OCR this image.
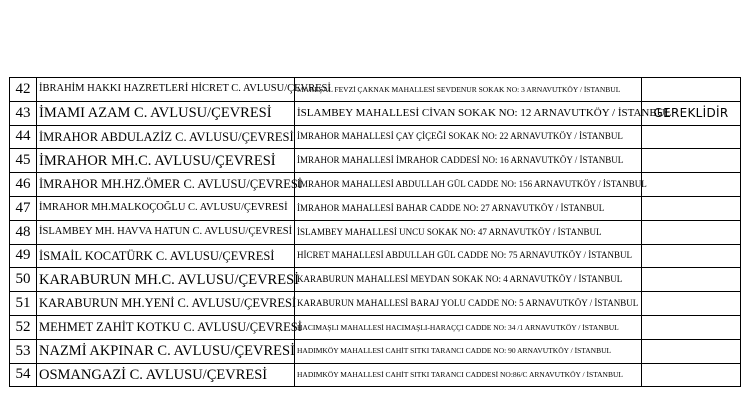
42	İBRAHİM HAKKI HAZRETLERİ HİCRET C. AVLUSU/ÇEVRESİ	MAREŞAL FEVZİ ÇAKNAK MAHALLESİ SEVDENUR SOKAK NO: 3 ARNAVUTKÖY / İSTANBUL	
43	İMAMI AZAM C. AVLUSU/ÇEVRESİ	İSLAMBEY MAHALLESİ CİVAN SOKAK NO: 12 ARNAVUTKÖY / İSTANBUL	GEREKLİDİR
44	İMRAHOR ABDULAZİZ C. AVLUSU/ÇEVRESİ	İMRAHOR MAHALLESİ ÇAY ÇİÇEĞİ SOKAK NO: 22 ARNAVUTKÖY / İSTANBUL	
45	İMRAHOR MH.C. AVLUSU/ÇEVRESİ	İMRAHOR MAHALLESİ İMRAHOR CADDESİ NO: 16 ARNAVUTKÖY / İSTANBUL	
46	İMRAHOR MH.HZ.ÖMER C. AVLUSU/ÇEVRESİ	İMRAHOR MAHALLESİ ABDULLAH GÜL CADDE NO: 156 ARNAVUTKÖY / İSTANBUL	
47	İMRAHOR MH.MALKOÇOĞLU C. AVLUSU/ÇEVRESİ	İMRAHOR MAHALLESİ BAHAR CADDE NO: 27 ARNAVUTKÖY / İSTANBUL	
48	İSLAMBEY MH. HAVVA HATUN C. AVLUSU/ÇEVRESİ	İSLAMBEY MAHALLESİ UNCU SOKAK NO: 47 ARNAVUTKÖY / İSTANBUL	
49	İSMAİL KOCATÜRK C. AVLUSU/ÇEVRESİ	HİCRET MAHALLESİ ABDULLAH GÜL CADDE NO: 75 ARNAVUTKÖY / İSTANBUL	
50	KARABURUN MH.C. AVLUSU/ÇEVRESİ	KARABURUN MAHALLESİ MEYDAN SOKAK NO: 4 ARNAVUTKÖY / İSTANBUL	
51	KARABURUN MH.YENİ C. AVLUSU/ÇEVRESİ	KARABURUN MAHALLESİ BARAJ YOLU CADDE NO: 5 ARNAVUTKÖY / İSTANBUL	
52	MEHMET ZAHİT KOTKU C. AVLUSU/ÇEVRESİ	HACIMAŞLI MAHALLESİ HACIMAŞLI-HARAÇÇI CADDE NO: 34 /1 ARNAVUTKÖY / İSTANBUL	
53	NAZMİ AKPINAR C. AVLUSU/ÇEVRESİ	HADIMKÖY MAHALLESİ CAHİT SITKI TARANCI CADDE NO: 90 ARNAVUTKÖY / İSTANBUL	
54	OSMANGAZİ C. AVLUSU/ÇEVRESİ	HADIMKÖY MAHALLESİ CAHİT SITKI TARANCI CADDESİ NO:86/C ARNAVUTKÖY / İSTANBUL	
